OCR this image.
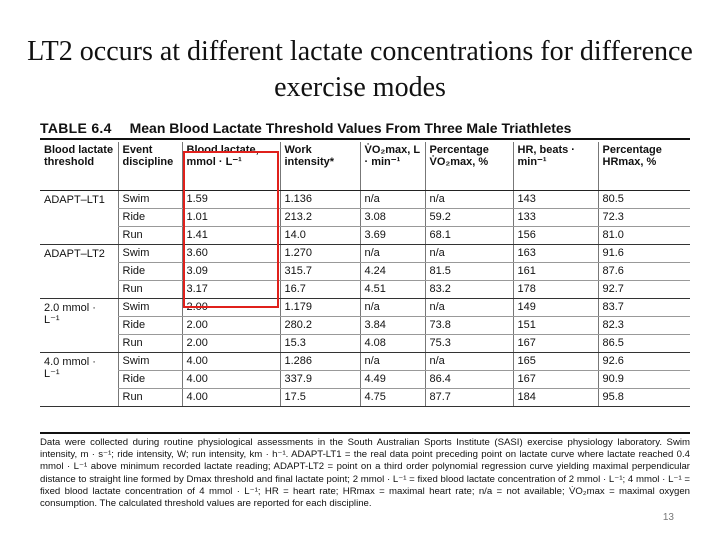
LT2 occurs at different lactate concentrations for difference exercise modes
TABLE 6.4 Mean Blood Lactate Threshold Values From Three Male Triathletes
Blood lactate threshold	Event discipline	Blood lactate, mmol · L⁻¹	Work intensity*	V̇O₂max, L · min⁻¹	Percentage V̇O₂max, %	HR, beats · min⁻¹	Percentage HRmax, %
ADAPT–LT1	Swim	1.59	1.136	n/a	n/a	143	80.5
	Ride	1.01	213.2	3.08	59.2	133	72.3
	Run	1.41	14.0	3.69	68.1	156	81.0
ADAPT–LT2	Swim	3.60	1.270	n/a	n/a	163	91.6
	Ride	3.09	315.7	4.24	81.5	161	87.6
	Run	3.17	16.7	4.51	83.2	178	92.7
2.0 mmol · L⁻¹	Swim	2.00	1.179	n/a	n/a	149	83.7
	Ride	2.00	280.2	3.84	73.8	151	82.3
	Run	2.00	15.3	4.08	75.3	167	86.5
4.0 mmol · L⁻¹	Swim	4.00	1.286	n/a	n/a	165	92.6
	Ride	4.00	337.9	4.49	86.4	167	90.9
	Run	4.00	17.5	4.75	87.7	184	95.8
Data were collected during routine physiological assessments in the South Australian Sports Institute (SASI) exercise physiology laboratory. Swim intensity, m · s⁻¹; ride intensity, W; run intensity, km · h⁻¹. ADAPT-LT1 = the real data point preceding point on lactate curve where lactate reached 0.4 mmol · L⁻¹ above minimum recorded lactate reading; ADAPT-LT2 = point on a third order polynomial regression curve yielding maximal perpendicular distance to straight line formed by Dmax threshold and final lactate point; 2 mmol · L⁻¹ = fixed blood lactate concentration of 2 mmol · L⁻¹; 4 mmol · L⁻¹ = fixed blood lactate concentration of 4 mmol · L⁻¹; HR = heart rate; HRmax = maximal heart rate; n/a = not available; V̇O₂max = maximal oxygen consumption. The calculated threshold values are reported for each discipline.
13
